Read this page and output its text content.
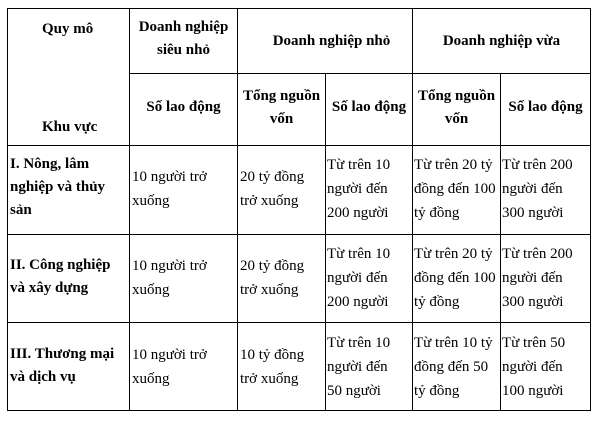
Quy mô
Khu vực
Doanh nghiệp
siêu nhỏ
Doanh nghiệp nhỏ	Doanh nghiệp vừa
Số lao động
Tổng nguồn
vốn
Số lao động
Tổng nguồn
vốn
Số lao động
I. Nông, lâm
nghiệp và thủy
sản
10 người trở
xuống
20 tỷ đồng
trở xuống
Từ trên 10
người đến
200 người
Từ trên 20 tỷ
đồng đến 100
tỷ đồng
Từ trên 200
người đến
300 người
II. Công nghiệp
và xây dựng
10 người trở
xuống
20 tỷ đồng
trở xuống
Từ trên 10
người đến
200 người
Từ trên 20 tỷ
đồng đến 100
tỷ đồng
Từ trên 200
người đến
300 người
III. Thương mại
và dịch vụ
10 người trở
xuống
10 tỷ đồng
trở xuống
Từ trên 10
người đến
50 người
Từ trên 10 tỷ
đồng đến 50
tỷ đồng
Từ trên 50
người đến
100 người
